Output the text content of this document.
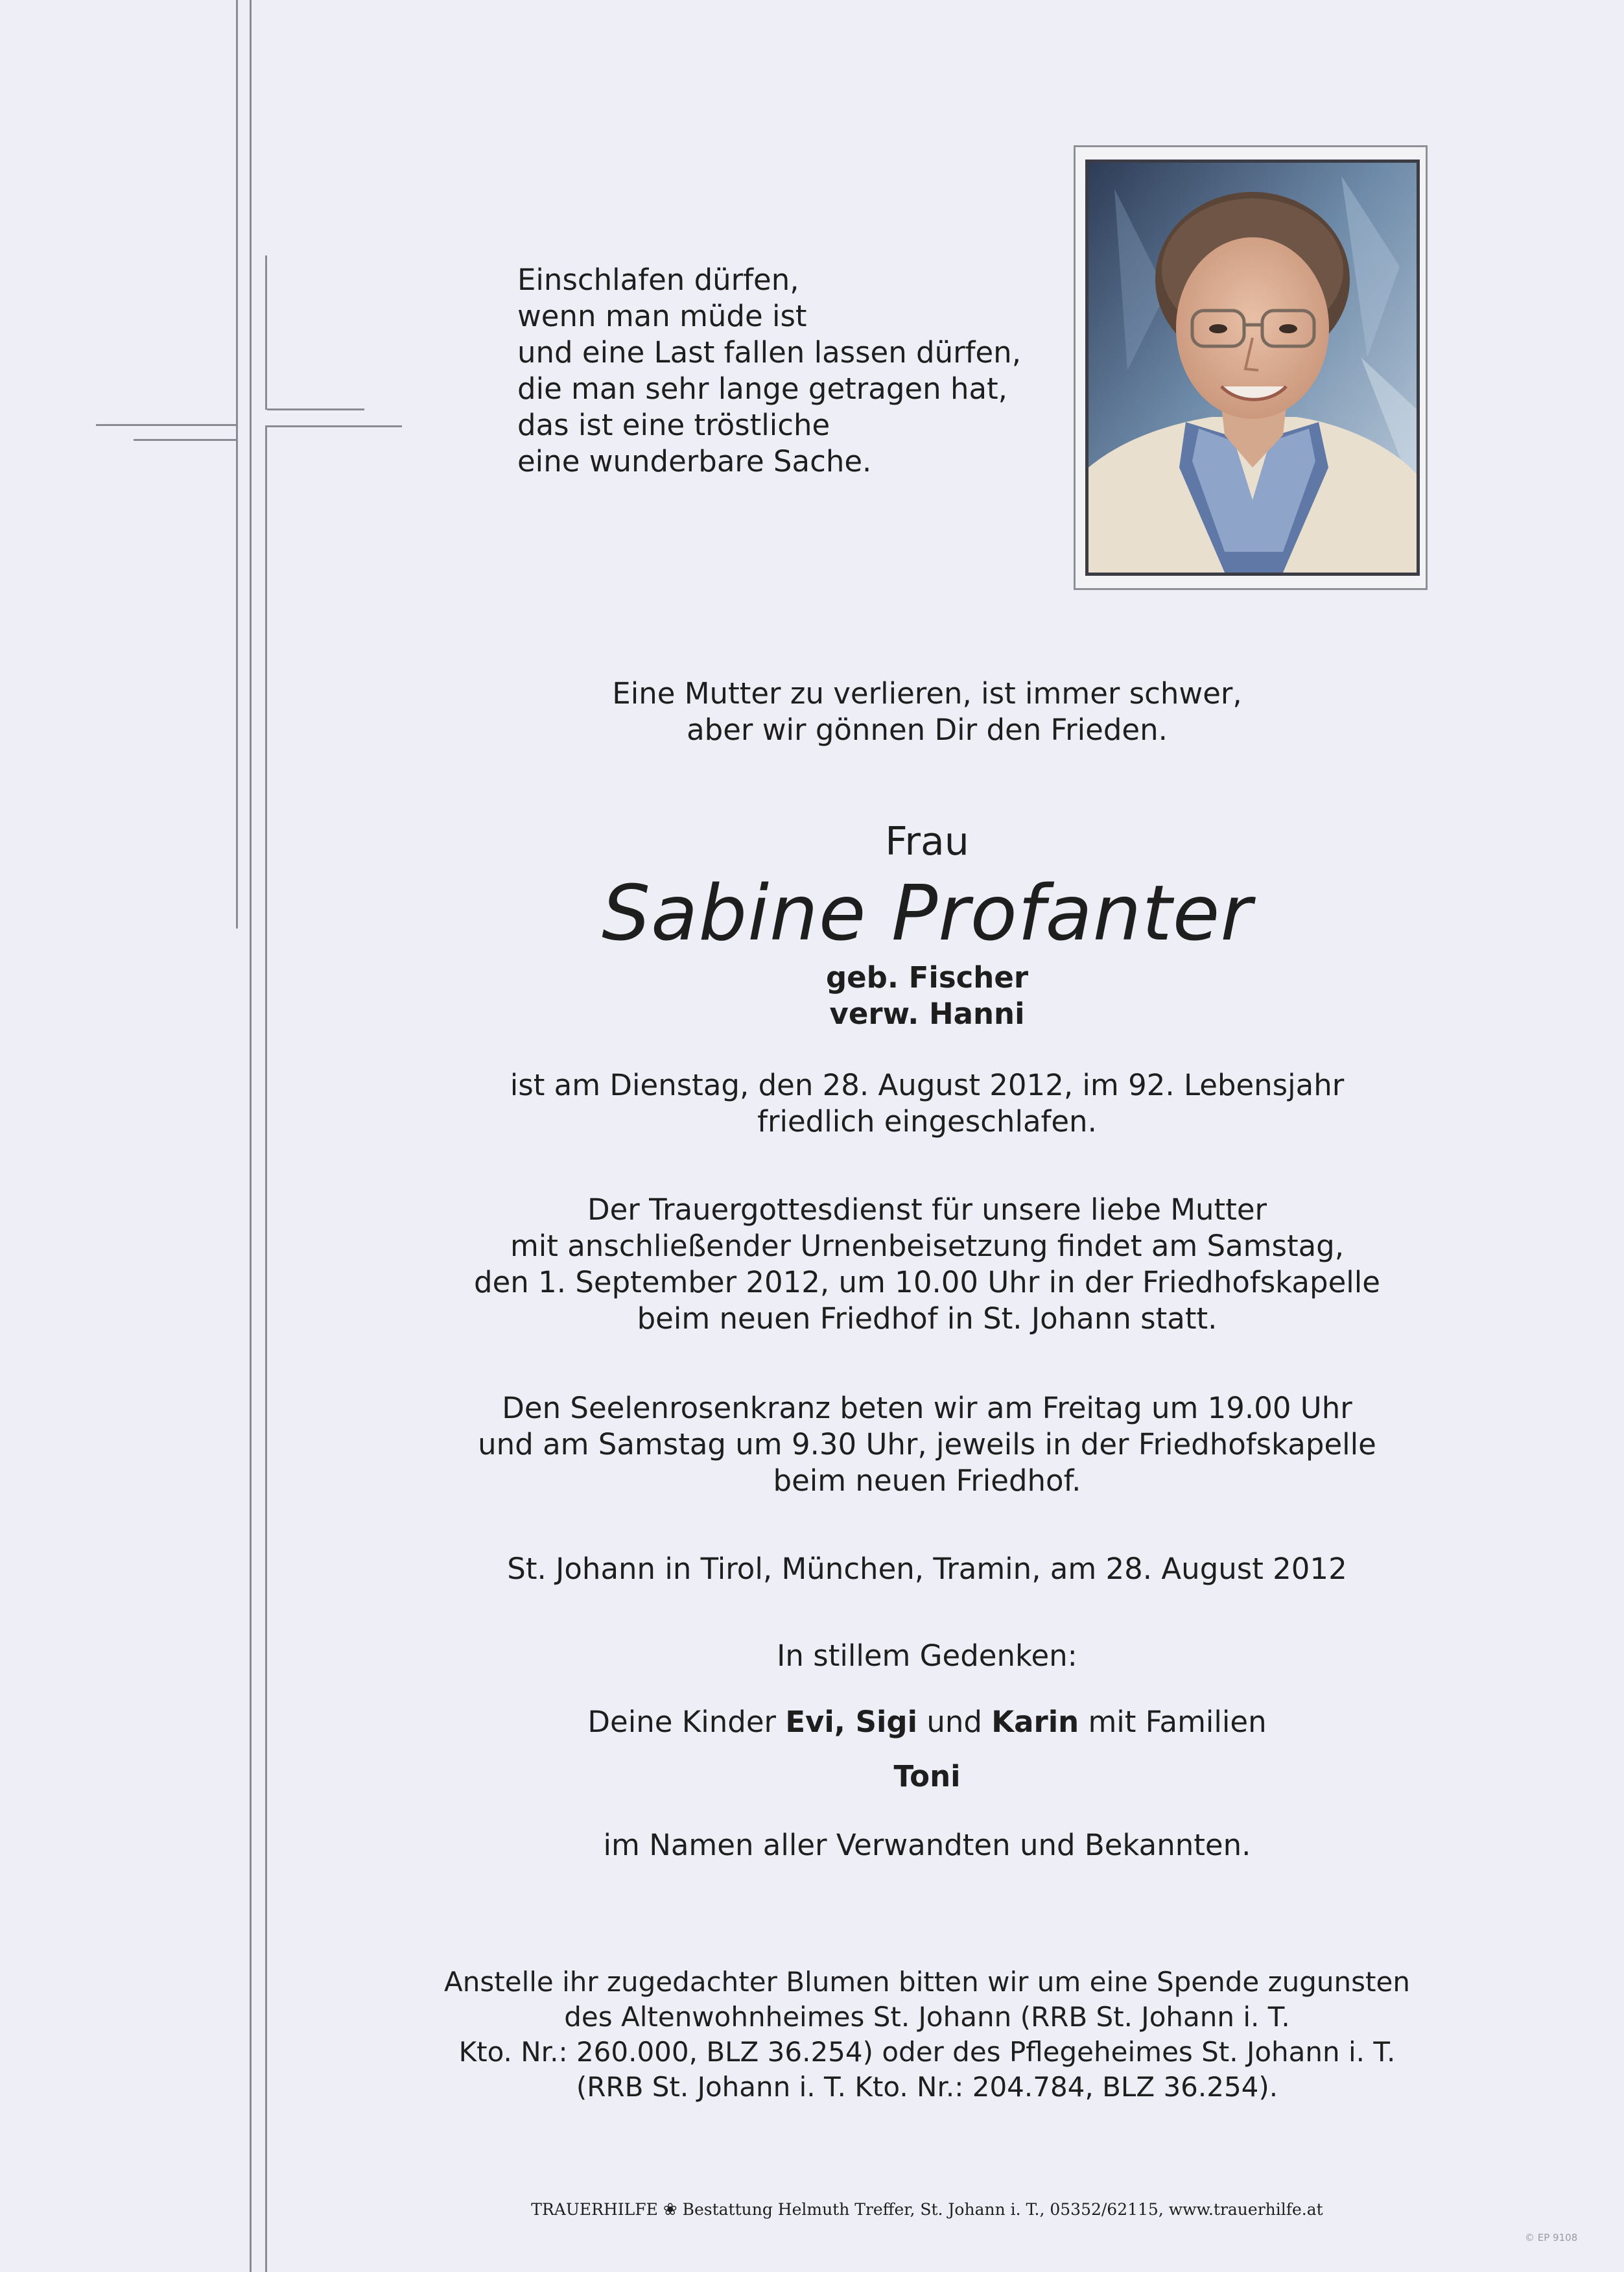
Einschlafen dürfen,
wenn man müde ist
und eine Last fallen lassen dürfen,
die man sehr lange getragen hat,
das ist eine tröstliche
eine wunderbare Sache.

Eine Mutter zu verlieren, ist immer schwer,

aber wir gönnen Dir den Frieden.

Frau
Sabine Profanter

geb. Fischer

verw. Hanni

ist am Dienstag, den 28. August 2012, im 92. Lebensjahr

friedlich eingeschlafen.

Der Trauergottesdienst für unsere liebe Mutter

mit anschließender Urnenbeisetzung findet am Samstag,

den 1. September 2012, um 10.00 Uhr in der Friedhofskapelle

beim neuen Friedhof in St. Johann statt.

Den Seelenrosenkranz beten wir am Freitag um 19.00 Uhr

und am Samstag um 9.30 Uhr, jeweils in der Friedhofskapelle

beim neuen Friedhof.

St. Johann in Tirol, München, Tramin, am 28. August 2012
In stillem Gedenken:
Deine Kinder Evi, Sigi und Karin mit Familien
Toni
im Namen aller Verwandten und Bekannten.

Anstelle ihr zugedachter Blumen bitten wir um eine Spende zugunsten

des Altenwohnheimes St. Johann (RRB St. Johann i. T.

Kto. Nr.: 260.000, BLZ 36.254) oder des Pflegeheimes St. Johann i. T.

(RRB St. Johann i. T. Kto. Nr.: 204.784, BLZ 36.254).

TRAUERHILFE ❀ Bestattung Helmuth Treffer, St. Johann i. T., 05352/62115, www.trauerhilfe.at
© EP 9108
